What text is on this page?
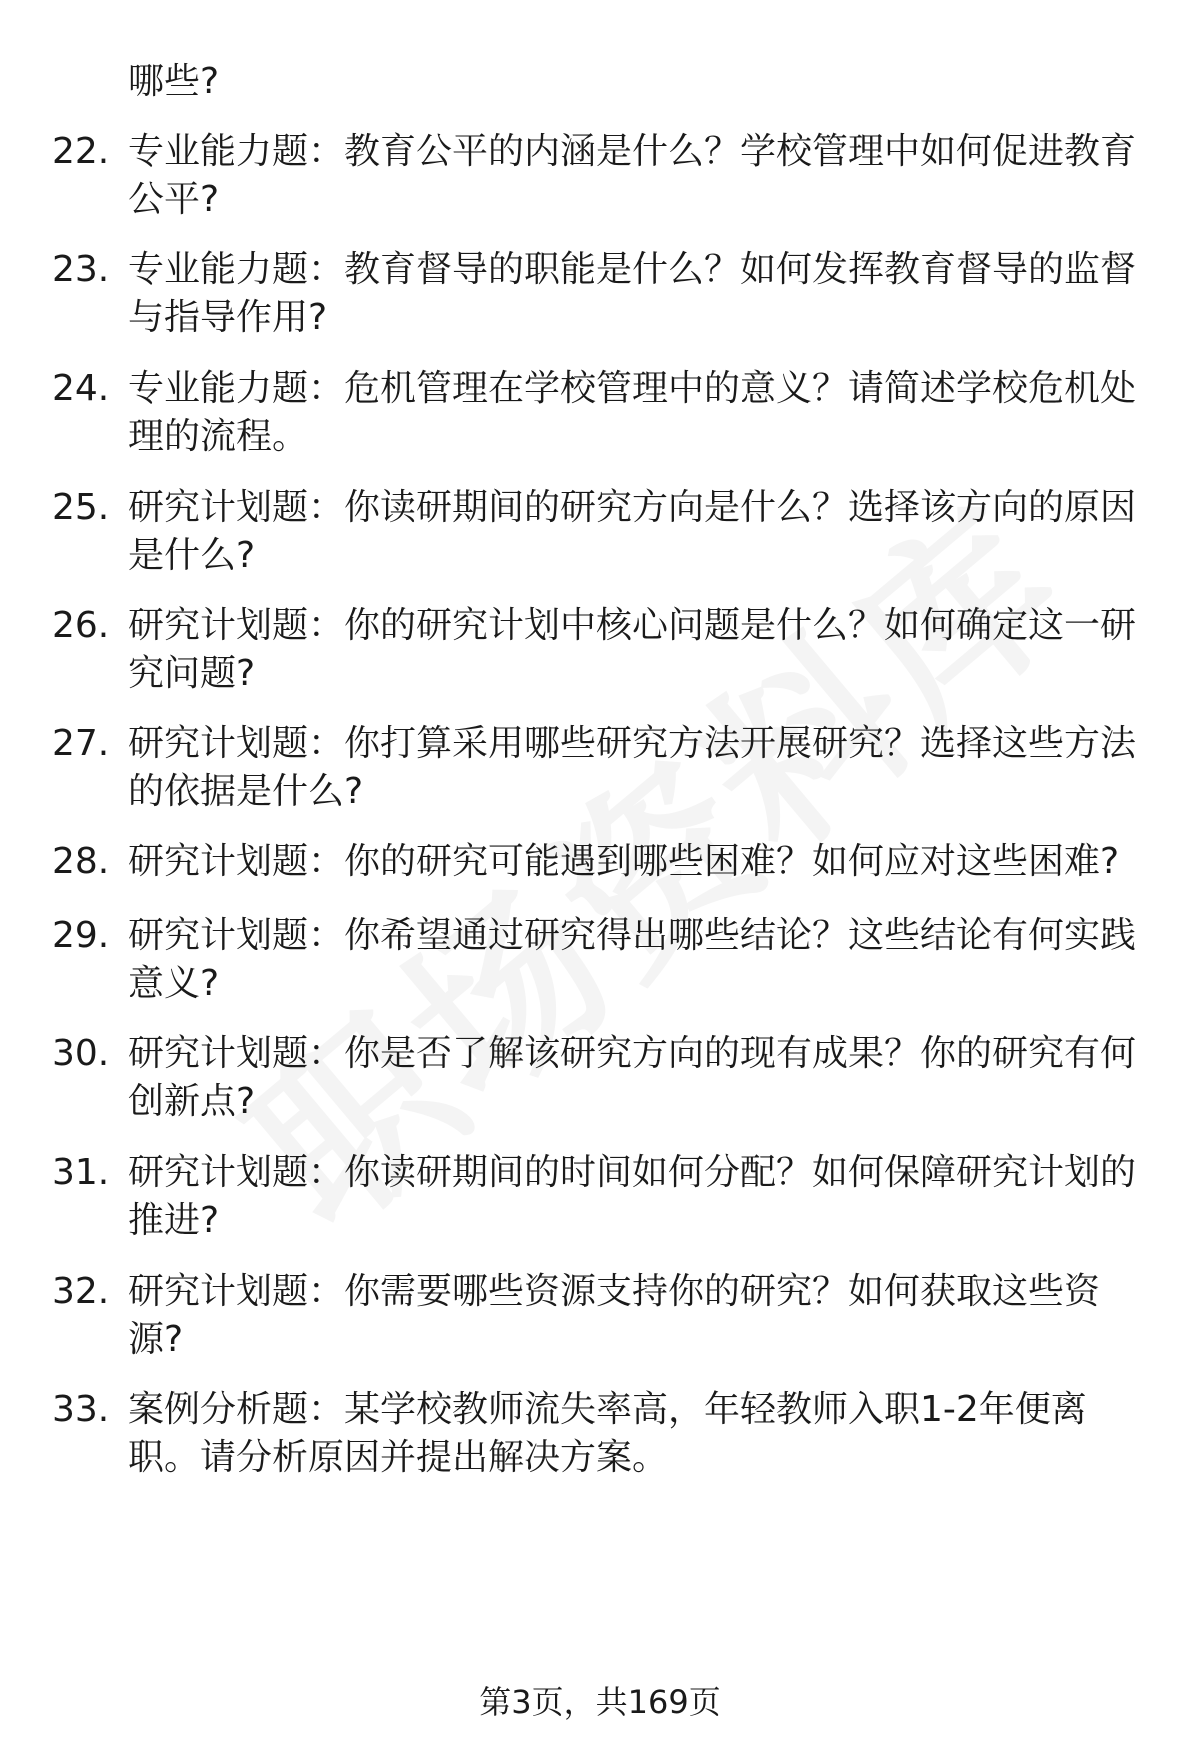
哪些?
22. 专业能力题：教育公平的内涵是什么？学校管理中如何促进教育
公平?
23. 专业能力题：教育督导的职能是什么？如何发挥教育督导的监督
与指导作用?
24. 专业能力题：危机管理在学校管理中的意义？请简述学校危机处
理的流程。
25. 研究计划题：你读研期间的研究方向是什么？选择该方向的原因
是什么?
26. 研究计划题：你的研究计划中核心问题是什么？如何确定这一研
究问题?
27. 研究计划题：你打算采用哪些研究方法开展研究？选择这些方法
的依据是什么?
28. 研究计划题：你的研究可能遇到哪些困难？如何应对这些困难?
29. 研究计划题：你希望通过研究得出哪些结论？这些结论有何实践
意义?
30. 研究计划题：你是否了解该研究方向的现有成果？你的研究有何
创新点?
31. 研究计划题：你读研期间的时间如何分配？如何保障研究计划的
推进?
32. 研究计划题：你需要哪些资源支持你的研究？如何获取这些资
源?
33. 案例分析题：某学校教师流失率高，年轻教师入职1-2年便离
职。请分析原因并提出解决方案。
第3页，共169页
